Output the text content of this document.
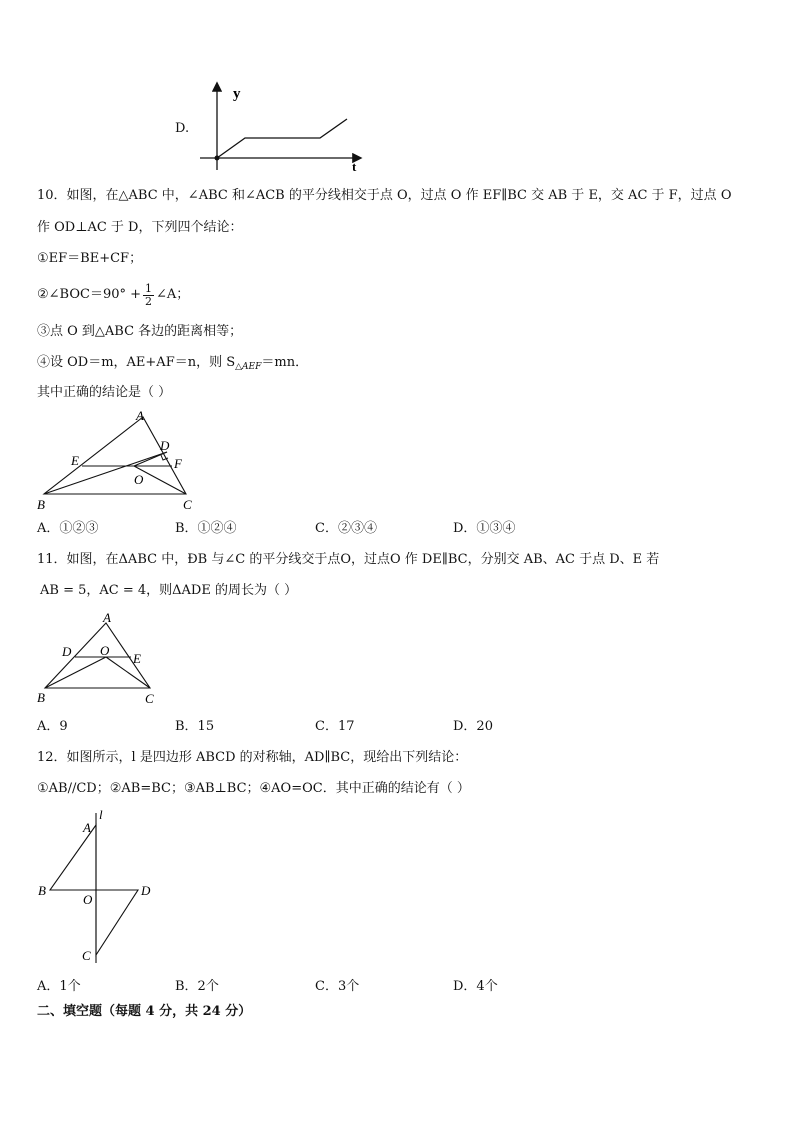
D.
y
t
10．如图，在△ABC 中，∠ABC 和∠ACB 的平分线相交于点 O，过点 O 作 EF∥BC 交 AB 于 E，交 AC 于 F，过点 O
作 OD⊥AC 于 D，下列四个结论：
①EF＝BE+CF；
②∠BOC＝90° + $\frac{1}{2}$ ∠A；
③点 O 到△ABC 各边的距离相等；
④设 OD＝m，AE+AF＝n，则 $S_{\triangle AEF}=mn$．
其中正确的结论是（ ）
A
D
E	F
O
B	C
A．①②③	B．①②④	C．②③④	D．①③④
11．如图，在ΔABC 中，ÐB 与∠C 的平分线交于点O，过点O 作 DE∥BC，分别交 AB、AC 于点 D、E 若
AB = 5，AC = 4，则ΔADE 的周长为（ ）
A
D O
E
B	C
A．9	B．15	C．17	D．20
12．如图所示，l 是四边形 ABCD 的对称轴，AD∥BC，现给出下列结论：
①AB//CD；②AB=BC；③AB⊥BC；④AO=OC．其中正确的结论有（ ）
l
A
B	D
O
C
A．1个	B．2个	C．3个	D．4个
二、填空题（每题 4 分，共 24 分）
